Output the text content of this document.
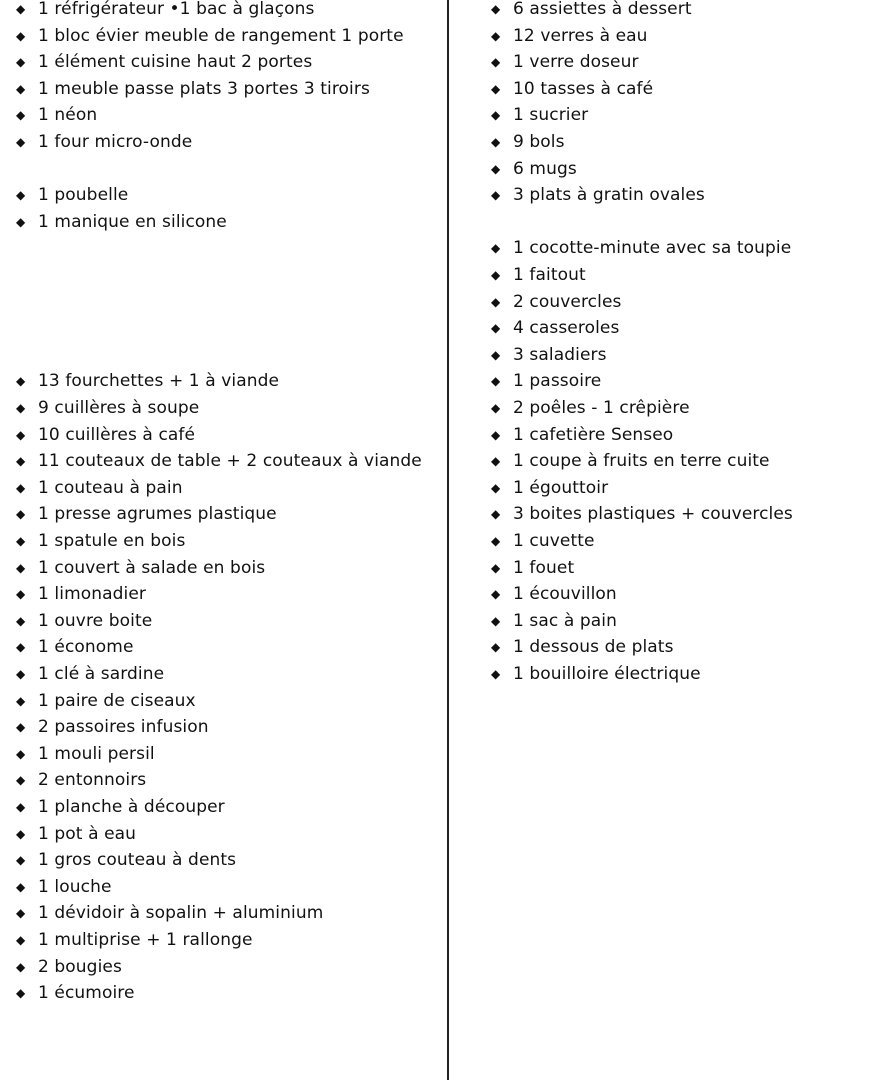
◆ 1 réfrigérateur •1 bac à glaçons
◆ 1 bloc évier meuble de rangement 1 porte
◆ 1 élément cuisine haut 2 portes
◆ 1 meuble passe plats 3 portes 3 tiroirs
◆ 1 néon
◆ 1 four micro-onde
◆ 1 poubelle
◆ 1 manique en silicone
◆ 13 fourchettes + 1 à viande
◆ 9 cuillères à soupe
◆ 10 cuillères à café
◆ 11 couteaux de table + 2 couteaux à viande
◆ 1 couteau à pain
◆ 1 presse agrumes plastique
◆ 1 spatule en bois
◆ 1 couvert à salade en bois
◆ 1 limonadier
◆ 1 ouvre boite
◆ 1 économe
◆ 1 clé à sardine
◆ 1 paire de ciseaux
◆ 2 passoires infusion
◆ 1 mouli persil
◆ 2 entonnoirs
◆ 1 planche à découper
◆ 1 pot à eau
◆ 1 gros couteau à dents
◆ 1 louche
◆ 1 dévidoir à sopalin + aluminium
◆ 1 multiprise + 1 rallonge
◆ 2 bougies
◆ 1 écumoire
◆ 6 assiettes à dessert
◆ 12 verres à eau
◆ 1 verre doseur
◆ 10 tasses à café
◆ 1 sucrier
◆ 9 bols
◆ 6 mugs
◆ 3 plats à gratin ovales
◆ 1 cocotte-minute avec sa toupie
◆ 1 faitout
◆ 2 couvercles
◆ 4 casseroles
◆ 3 saladiers
◆ 1 passoire
◆ 2 poêles - 1 crêpière
◆ 1 cafetière Senseo
◆ 1 coupe à fruits en terre cuite
◆ 1 égouttoir
◆ 3 boites plastiques + couvercles
◆ 1 cuvette
◆ 1 fouet
◆ 1 écouvillon
◆ 1 sac à pain
◆ 1 dessous de plats
◆ 1 bouilloire électrique
